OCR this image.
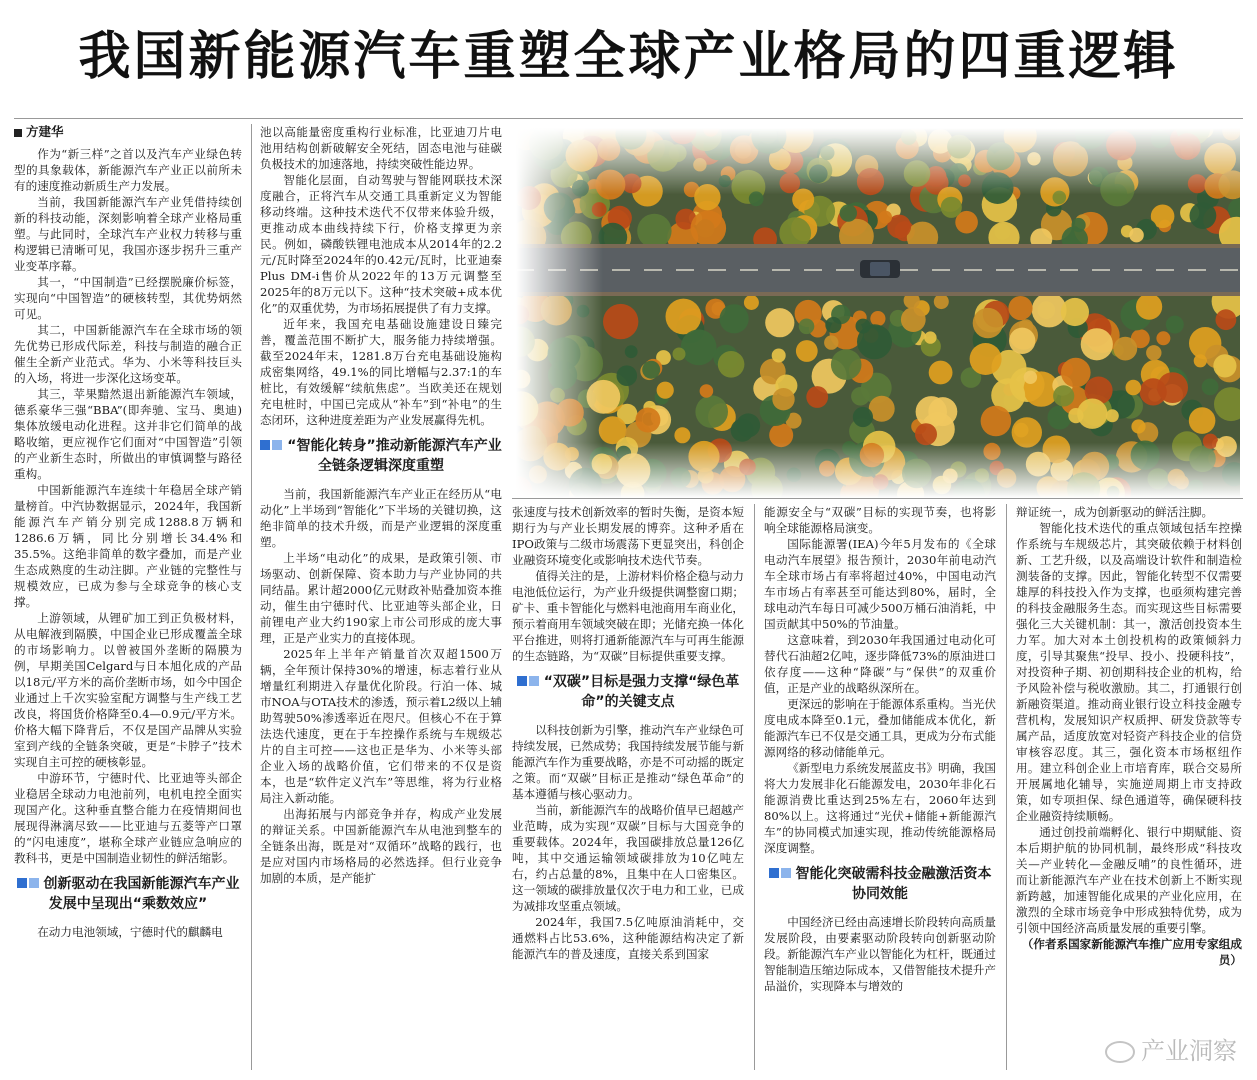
我国新能源汽车重塑全球产业格局的四重逻辑
方建华

作为“新三样”之首以及汽车产业绿色转型的具象载体，新能源汽车产业正以前所未有的速度推动新质生产力发展。

当前，我国新能源汽车产业凭借持续创新的科技动能，深刻影响着全球产业格局重塑。与此同时，全球汽车产业权力转移与重构逻辑已清晰可见，我国亦逐步拐升三重产业变革序幕。

其一，“中国制造”已经摆脱廉价标签，实现向“中国智造”的硬核转型，其优势炳然可见。

其二，中国新能源汽车在全球市场的领先优势已形成代际差，科技与制造的融合正催生全新产业范式。华为、小米等科技巨头的入场，将进一步深化这场变革。

其三，苹果黯然退出新能源汽车领域，德系豪华三强“BBA”(即奔驰、宝马、奥迪)集体放缓电动化进程。这并非它们简单的战略收缩，更应视作它们面对“中国智造”引领的产业新生态时，所做出的审慎调整与路径重构。

中国新能源汽车连续十年稳居全球产销量榜首。中汽协数据显示，2024年，我国新能源汽车产销分别完成1288.8万辆和1286.6万辆，同比分别增长34.4%和35.5%。这绝非简单的数字叠加，而是产业生态成熟度的生动注脚。产业链的完整性与规模效应，已成为参与全球竞争的核心支撑。

上游领域，从锂矿加工到正负极材料，从电解液到隔膜，中国企业已形成覆盖全球的市场影响力。以曾被国外垄断的隔膜为例，早期美国Celgard与日本旭化成的产品以18元/平方米的高价垄断市场，如今中国企业通过上千次实验室配方调整与生产线工艺改良，将国货价格降至0.4—0.9元/平方米。价格大幅下降背后，不仅是国产品牌从实验室到产线的全链条突破，更是“卡脖子”技术实现自主可控的硬核彰显。

中游环节，宁德时代、比亚迪等头部企业稳居全球动力电池前列，电机电控全面实现国产化。这种垂直整合能力在疫情期间也展现得淋漓尽致——比亚迪与五菱等产口罩的“闪电速度”，堪称全球产业链应急响应的教科书，更是中国制造业韧性的鲜活缩影。

创新驱动在我国新能源汽车产业发展中呈现出“乘数效应”

在动力电池领域，宁德时代的麒麟电

池以高能量密度重构行业标准，比亚迪刀片电池用结构创新破解安全死结，固态电池与硅碳负极技术的加速落地，持续突破性能边界。

智能化层面，自动驾驶与智能网联技术深度融合，正将汽车从交通工具重新定义为智能移动终端。这种技术迭代不仅带来体验升级，更推动成本曲线持续下行，价格支撑更为亲民。例如，磷酸铁锂电池成本从2014年的2.2元/瓦时降至2024年的0.42元/瓦时，比亚迪秦Plus DM-i售价从2022年的13万元调整至2025年的8万元以下。这种“技术突破+成本优化”的双重优势，为市场拓展提供了有力支撑。

近年来，我国充电基础设施建设日臻完善，覆盖范围不断扩大，服务能力持续增强。截至2024年末，1281.8万台充电基础设施构成密集网络，49.1%的同比增幅与2.37:1的车桩比，有效缓解“续航焦虑”。当欧美还在规划充电桩时，中国已完成从“补车”到“补电”的生态闭环，这种进度差距为产业发展赢得先机。

“智能化转身”推动新能源汽车产业全链条逻辑深度重塑

当前，我国新能源汽车产业正在经历从“电动化”上半场到“智能化”下半场的关键切换，这绝非简单的技术升级，而是产业逻辑的深度重塑。

上半场“电动化”的成果，是政策引领、市场驱动、创新保障、资本助力与产业协同的共同结晶。累计超2000亿元财政补贴叠加资本推动，催生由宁德时代、比亚迪等头部企业，日前锂电产业大约190家上市公司形成的庞大事理，正是产业实力的直接体现。

2025年上半年产销量首次双超1500万辆，全年预计保持30%的增速，标志着行业从增量红利期进入存量优化阶段。行泊一体、城市NOA与OTA技术的渗透，预示着L2级以上辅助驾驶50%渗透率近在咫尺。但核心不在于算法迭代速度，更在于车控操作系统与车规级芯片的自主可控——这也正是华为、小米等头部企业入场的战略价值，它们带来的不仅是资本，也是“软件定义汽车”等思维，将为行业格局注入新动能。

出海拓展与内部竞争并存，构成产业发展的辩证关系。中国新能源汽车从电池到整车的全链条出海，既是对“双循环”战略的践行，也是应对国内市场格局的必然选择。但行业竞争加剧的本质，是产能扩

张速度与技术创新效率的暂时失衡，是资本短期行为与产业长期发展的博弈。这种矛盾在IPO政策与二级市场震荡下更显突出，科创企业融资环境变化或影响技术迭代节奏。

值得关注的是，上游材料价格企稳与动力电池低位运行，为产业升级提供调整窗口期；矿卡、重卡智能化与燃料电池商用车商业化，预示着商用车领域突破在即；光储充换一体化平台推进，则将打通新能源汽车与可再生能源的生态链路，为“双碳”目标提供重要支撑。

“双碳”目标是强力支撑“绿色革命”的关键支点

以科技创新为引擎，推动汽车产业绿色可持续发展，已然成势；我国持续发展节能与新能源汽车作为重要战略，亦是不可动摇的既定之策。而“双碳”目标正是推动“绿色革命”的基本遵循与核心驱动力。

当前，新能源汽车的战略价值早已超越产业范畴，成为实现“双碳”目标与大国竞争的重要载体。2024年，我国碳排放总量126亿吨，其中交通运输领域碳排放为10亿吨左右，约占总量的8%，且集中在人口密集区。这一领域的碳排放量仅次于电力和工业，已成为减排攻坚重点领域。

2024年，我国7.5亿吨原油消耗中，交通燃料占比53.6%，这种能源结构决定了新能源汽车的普及速度，直接关系到国家

能源安全与“双碳”目标的实现节奏，也将影响全球能源格局演变。

国际能源署(IEA)今年5月发布的《全球电动汽车展望》报告预计，2030年前电动汽车全球市场占有率将超过40%，中国电动汽车市场占有率甚至可能达到80%，届时，全球电动汽车每日可减少500万桶石油消耗，中国贡献其中50%的节油量。

这意味着，到2030年我国通过电动化可替代石油超2亿吨，逐步降低73%的原油进口依存度——这种“降碳”与“保供”的双重价值，正是产业的战略纵深所在。

更深远的影响在于能源体系重构。当光伏度电成本降至0.1元，叠加储能成本优化，新能源汽车已不仅是交通工具，更成为分布式能源网络的移动储能单元。

《新型电力系统发展蓝皮书》明确，我国将大力发展非化石能源发电，2030年非化石能源消费比重达到25%左右，2060年达到80%以上。这将通过“光伏+储能+新能源汽车”的协同模式加速实现，推动传统能源格局深度调整。

智能化突破需科技金融激活资本协同效能

中国经济已经由高速增长阶段转向高质量发展阶段，由要素驱动阶段转向创新驱动阶段。新能源汽车产业以智能化为杠杆，既通过智能制造压缩边际成本，又借智能技术提升产品溢价，实现降本与增效的

辩证统一，成为创新驱动的鲜活注脚。

智能化技术迭代的重点领域包括车控操作系统与车规级芯片，其突破依赖于材料创新、工艺升级，以及高端设计软件和制造检测装备的支撑。因此，智能化转型不仅需要雄厚的科技投入作为支撑，也亟须构建完善的科技金融服务生态。而实现这些目标需要强化三大关键机制：其一，激活创投资本生力军。加大对本土创投机构的政策倾斜力度，引导其聚焦“投早、投小、投硬科技”，对投资种子期、初创期科技企业的机构，给予风险补偿与税收激励。其二，打通银行创新融资渠道。推动商业银行设立科技金融专营机构，发展知识产权质押、研发贷款等专属产品，适度放宽对轻资产科技企业的信贷审核容忍度。其三，强化资本市场枢纽作用。建立科创企业上市培育库，联合交易所开展属地化辅导，实施逆周期上市支持政策，如专项担保、绿色通道等，确保硬科技企业融资持续顺畅。

通过创投前端孵化、银行中期赋能、资本后期护航的协同机制，最终形成“科技攻关—产业转化—金融反哺”的良性循环，进而让新能源汽车产业在技术创新上不断实现新跨越，加速智能化成果的产业化应用，在激烈的全球市场竞争中形成独特优势，成为引领中国经济高质量发展的重要引擎。

（作者系国家新能源汽车推广应用专家组成员）

产业洞察
